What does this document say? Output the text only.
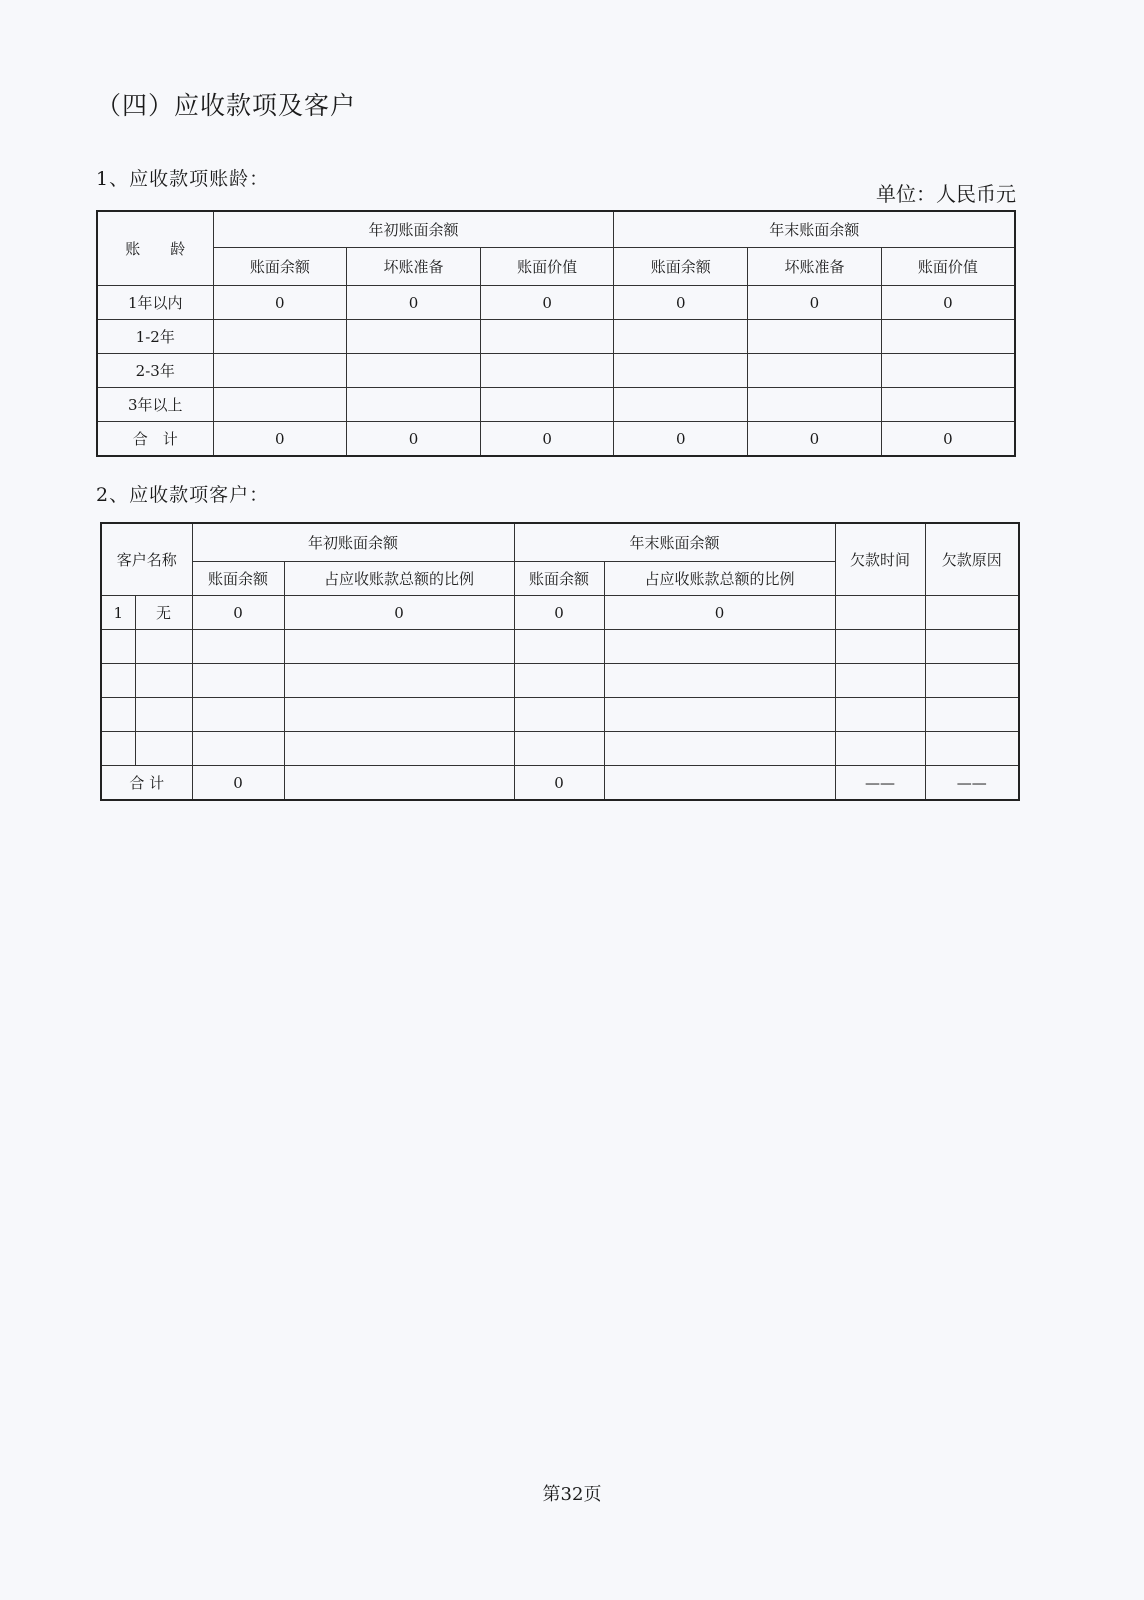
（四）应收款项及客户
1、应收款项账龄：
单位：人民币元
账　　龄	年初账面余额			年末账面余额		
	账面余额	坏账准备	账面价值	账面余额	坏账准备	账面价值
1年以内	0	0	0	0	0	0
1-2年						
2-3年						
3年以上						
合　计	0	0	0	0	0	0
2、应收款项客户：
客户名称		年初账面余额		年末账面余额		欠款时间	欠款原因
		账面余额	占应收账款总额的比例	账面余额	占应收账款总额的比例		
1	无	0	0	0	0		

合 计		0		0		——	——
第32页
